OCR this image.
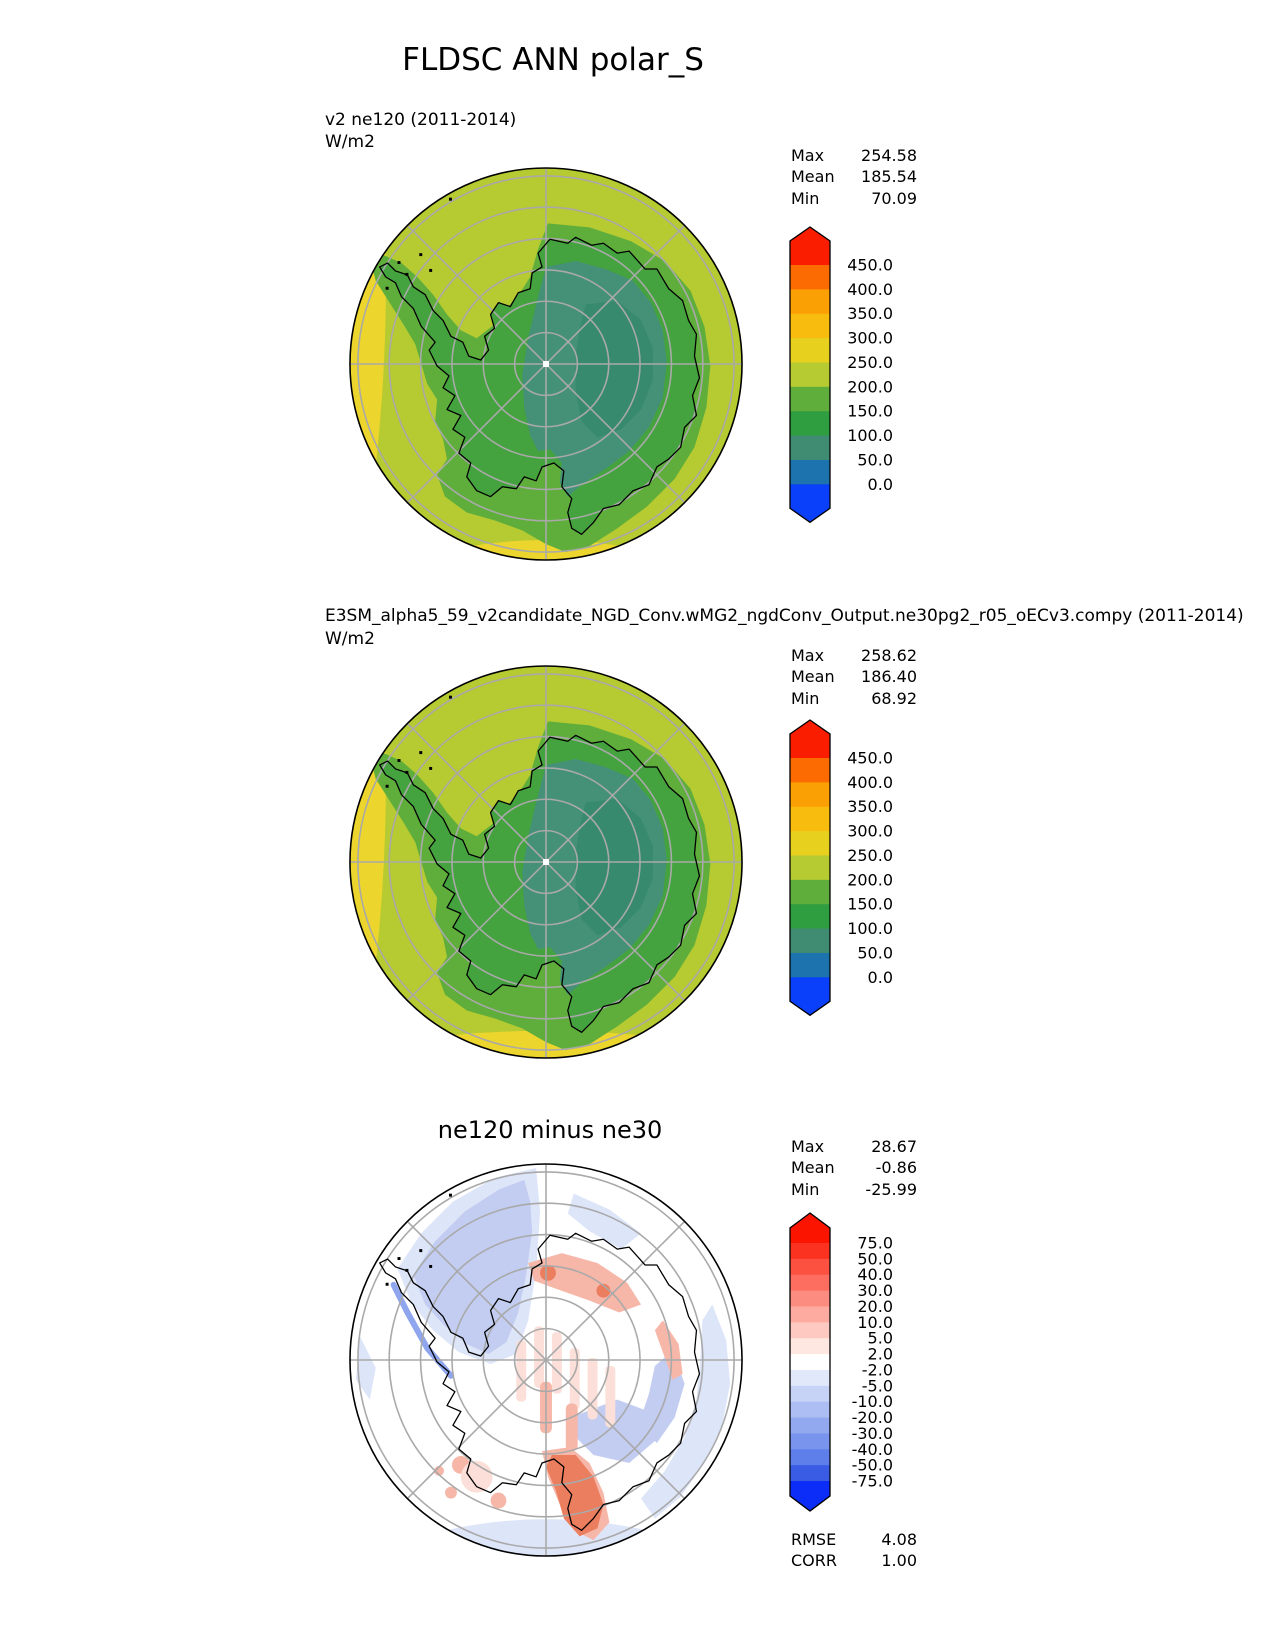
FLDSC ANN polar_S
v2 ne120 (2011-2014)
W/m2
Max 254.58
Mean 185.54
Min	70.09
450.0
400.0
350.0
300.0
250.0
200.0
150.0
100.0
50.0
0.0
E3SM_alpha5_59_v2candidate_NGD_Conv.wMG2_ngdConv_Output.ne30pg2_r05_oECv3.compy (2011-2014)
W/m2
Max 258.62
Mean 186.40
Min	68.92
450.0
400.0
350.0
300.0
250.0
200.0
150.0
100.0
50.0
0.0
ne120 minus ne30
Max	28.67
Mean	-0.86
Min	-25.99
75.0
50.0
40.0
30.0
20.0
10.0
5.0
2.0
-2.0
-5.0
-10.0
-20.0
-30.0
-40.0
-50.0
-75.0
RMSE	4.08
CORR	1.00
